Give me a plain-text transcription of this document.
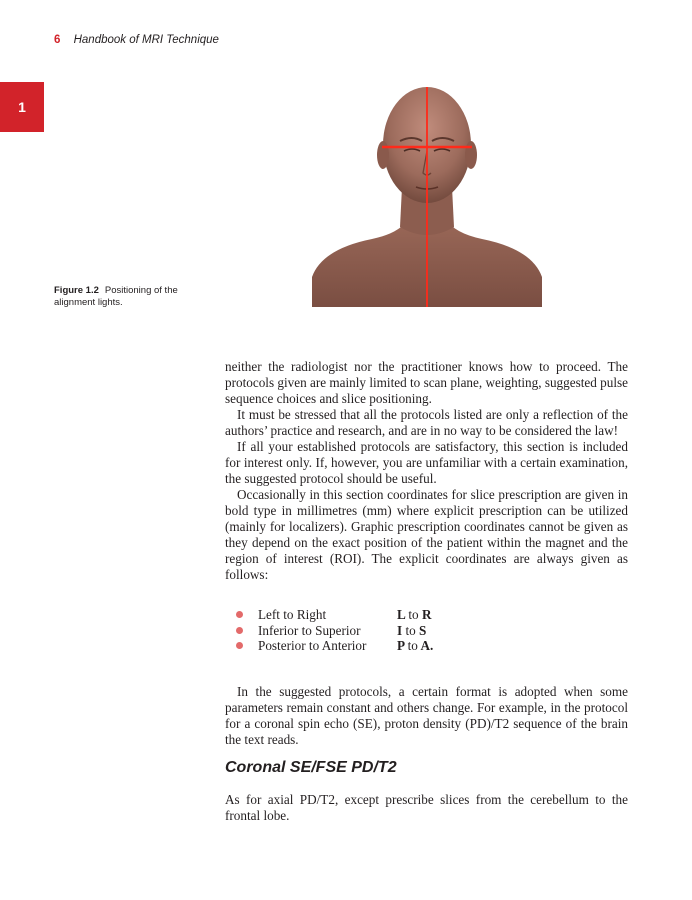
6 Handbook of MRI Technique
1
Figure 1.2 Positioning of the alignment lights.

neither the radiologist nor the practitioner knows how to proceed. The protocols given are mainly limited to scan plane, weighting, suggested pulse sequence choices and slice positioning.

It must be stressed that all the protocols listed are only a reflection of the authors’ practice and research, and are in no way to be considered the law!

If all your established protocols are satisfactory, this section is included for interest only. If, however, you are unfamiliar with a certain examination, the suggested protocol should be useful.

Occasionally in this section coordinates for slice prescription are given in bold type in millimetres (mm) where explicit prescription can be utilized (mainly for localizers). Graphic prescription coordinates cannot be given as they depend on the exact position of the patient within the magnet and the region of interest (ROI). The explicit coordinates are always given as follows:

Left to Right	L to R
Inferior to Superior	I to S
Posterior to Anterior	P to A.

In the suggested protocols, a certain format is adopted when some parameters remain constant and others change. For example, in the protocol for a coronal spin echo (SE), proton density (PD)/T2 sequence of the brain the text reads.

Coronal SE/FSE PD/T2

As for axial PD/T2, except prescribe slices from the cerebellum to the frontal lobe.
